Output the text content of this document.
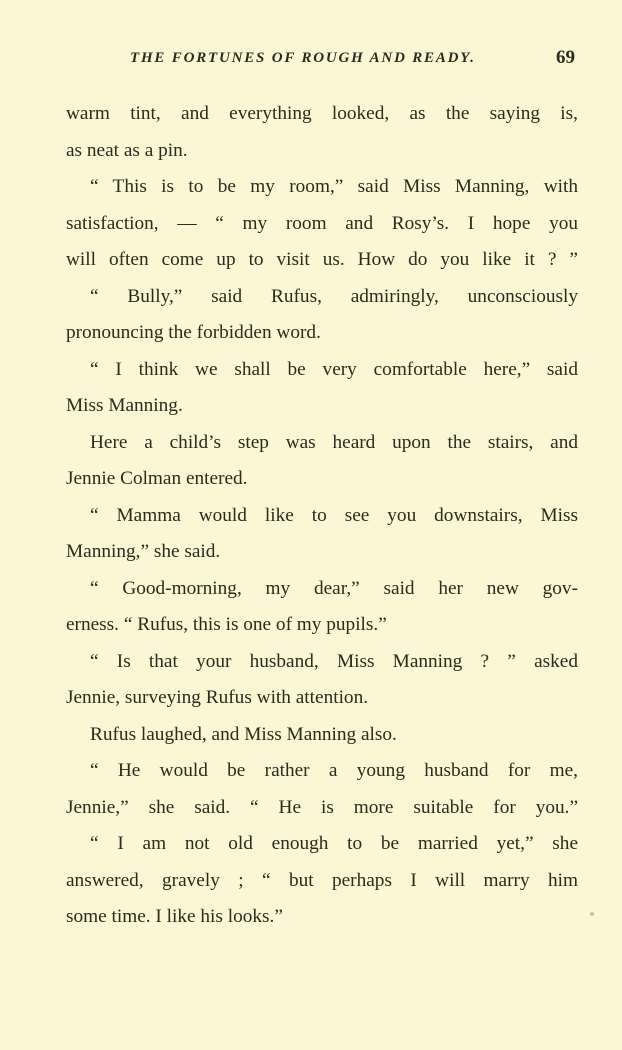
THE FORTUNES OF ROUGH AND READY.	69
warm tint, and everything looked, as the saying is,
as neat as a pin.
“ This is to be my room,” said Miss Manning, with
satisfaction, — “ my room and Rosy’s. I hope you
will often come up to visit us. How do you like it ? ”
“ Bully,” said Rufus, admiringly, unconsciously
pronouncing the forbidden word.
“ I think we shall be very comfortable here,” said
Miss Manning.
Here a child’s step was heard upon the stairs, and
Jennie Colman entered.
“ Mamma would like to see you downstairs, Miss
Manning,” she said.
“ Good-morning, my dear,” said her new gov-
erness. “ Rufus, this is one of my pupils.”
“ Is that your husband, Miss Manning ? ” asked
Jennie, surveying Rufus with attention.
Rufus laughed, and Miss Manning also.
“ He would be rather a young husband for me,
Jennie,” she said. “ He is more suitable for you.”
“ I am not old enough to be married yet,” she
answered, gravely ; “ but perhaps I will marry him
some time. I like his looks.”
